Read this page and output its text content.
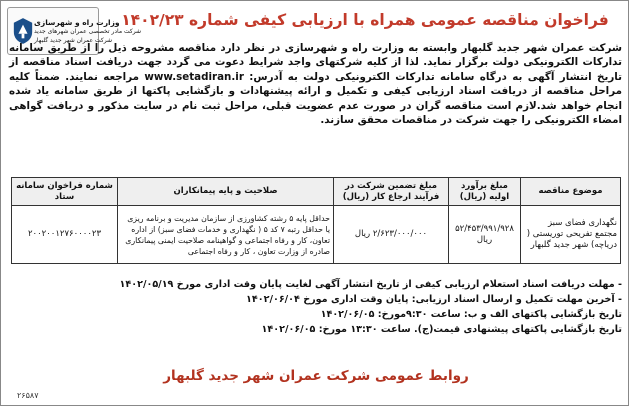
وزارت راه و شهرسازی
شرکت مادر تخصصی عمران شهرهای جدید
شرکت عمران شهر جدید گلبهار
فراخوان مناقصه عمومی همراه با ارزیابی کیفی شماره ۱۴۰۲/۲۳
شرکت عمران شهر جدید گلبهار وابسته به وزارت راه و شهرسازی در نظر دارد مناقصه مشروحه ذیل را از طریق سامانه تدارکات الکترونیکی دولت برگزار نماید. لذا از کلیه شرکتهای واجد شرایط دعوت می گردد جهت دریافت اسناد مناقصه از تاریخ انتشار آگهی به درگاه سامانه تدارکات الکترونیکی دولت به آدرس: www.setadiran.ir مراجعه نمایند. ضمناً کلیه مراحل مناقصه از دریافت اسناد ارزیابی کیفی و تکمیل و ارائه پیشنهادات و بازگشایی پاکتها از طریق سامانه یاد شده انجام خواهد شد.لازم است مناقصه گران در صورت عدم عضویت قبلی، مراحل ثبت نام در سایت مذکور و دریافت گواهی امضاء الکترونیکی را جهت شرکت در مناقصات محقق سازند.
موضوع مناقصه	مبلغ برآورد اولیه (ریال)	مبلغ تضمین شرکت در فرآیند ارجاع کار (ریال)	صلاحیت و پایه پیمانکاران	شماره فراخوان سامانه ستاد
نگهداری فضای سبز مجتمع تفریحی توریستی ( دریاچه) شهر جدید گلبهار	۵۲/۴۵۳/۹۹۱/۹۲۸ ریال	۲/۶۲۳/۰۰۰/۰۰۰ ریال	حداقل پایه ۵ رشته کشاورزی از سازمان مدیریت و برنامه ریزی یا حداقل رتبه ۷ کد ۵ ( نگهداری و خدمات فضای سبز) از اداره تعاون، کار و رفاه اجتماعی و گواهینامه صلاحیت ایمنی پیمانکاری صادره از وزارت تعاون ، کار و رفاه اجتماعی	۲۰۰۲۰۰۱۲۷۶۰۰۰۰۲۳
- مهلت دریافت اسناد استعلام ارزیابی کیفی از تاریخ انتشار آگهی لغایت پایان وقت اداری مورخ ۱۴۰۲/۰۵/۱۹
- آخرین مهلت تکمیل و ارسال اسناد ارزیابی: پایان وقت اداری مورخ ۱۴۰۲/۰۶/۰۴
تاریخ بازگشایی پاکتهای الف و ب: ساعت ۹:۳۰مورخ: ۱۴۰۲/۰۶/۰۵
تاریخ بازگشایی پاکتهای پیشنهادی قیمت(ج). ساعت ۱۳:۳۰ مورخ: ۱۴۰۲/۰۶/۰۵
روابط عمومی شرکت عمران شهر جدید گلبهار
۲۶۵۸۷
